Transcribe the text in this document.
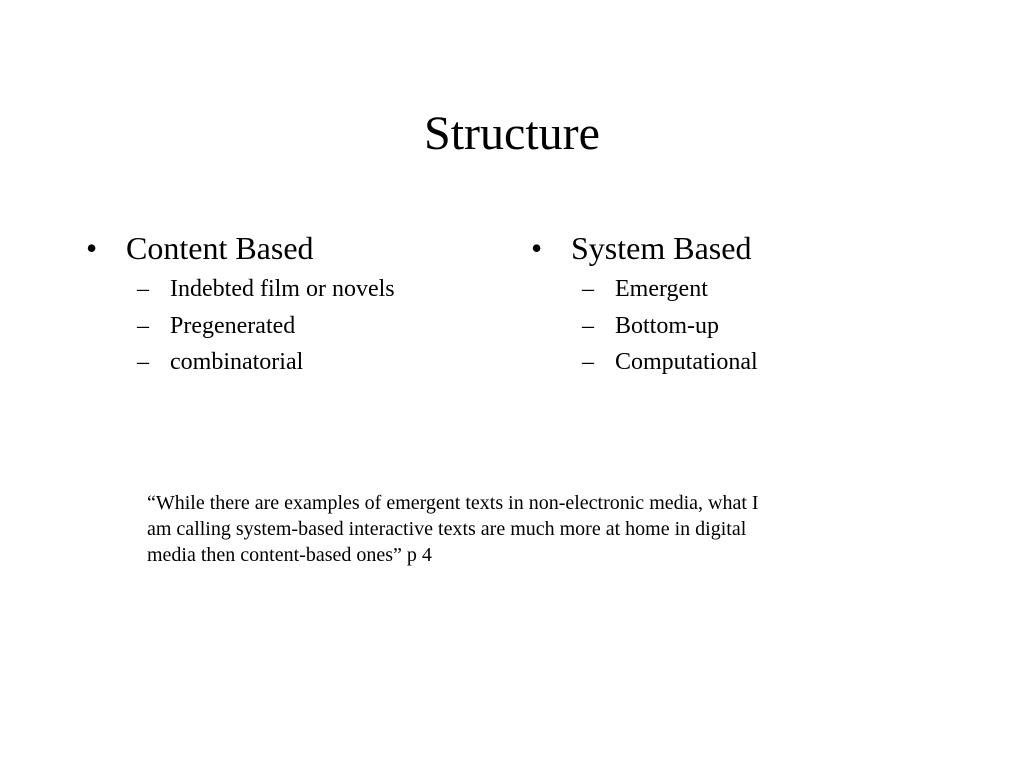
Structure
• Content Based
– Indebted film or novels
– Pregenerated
– combinatorial
• System Based
– Emergent
– Bottom-up
– Computational

“While there are examples of emergent texts in non-electronic media, what I am calling system-based interactive texts are much more at home in digital media then content-based ones” p 4
